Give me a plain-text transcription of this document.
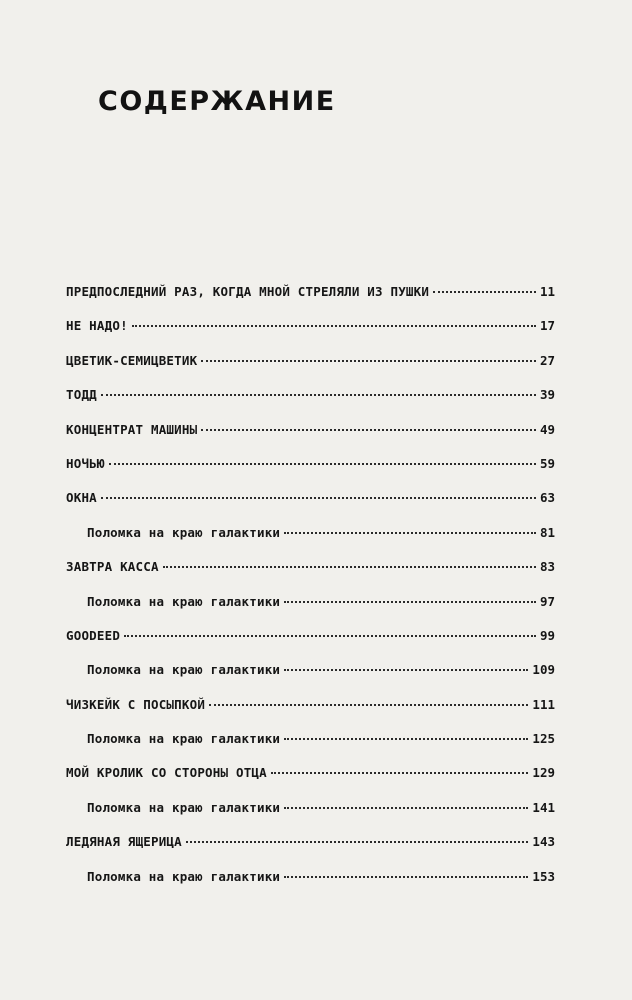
СОДЕРЖАНИЕ
ПРЕДПОСЛЕДНИЙ РАЗ, КОГДА МНОЙ СТРЕЛЯЛИ ИЗ ПУШКИ	11
НЕ НАДО!	17
ЦВЕТИК-СЕМИЦВЕТИК	27
ТОДД	39
КОНЦЕНТРАТ МАШИНЫ	49
НОЧЬЮ	59
ОКНА	63
Поломка на краю галактики	81
ЗАВТРА КАССА	83
Поломка на краю галактики	97
GOODEED	99
Поломка на краю галактики	109
ЧИЗКЕЙК С ПОСЫПКОЙ	111
Поломка на краю галактики	125
МОЙ КРОЛИК СО СТОРОНЫ ОТЦА	129
Поломка на краю галактики	141
ЛЕДЯНАЯ ЯЩЕРИЦА	143
Поломка на краю галактики	153
